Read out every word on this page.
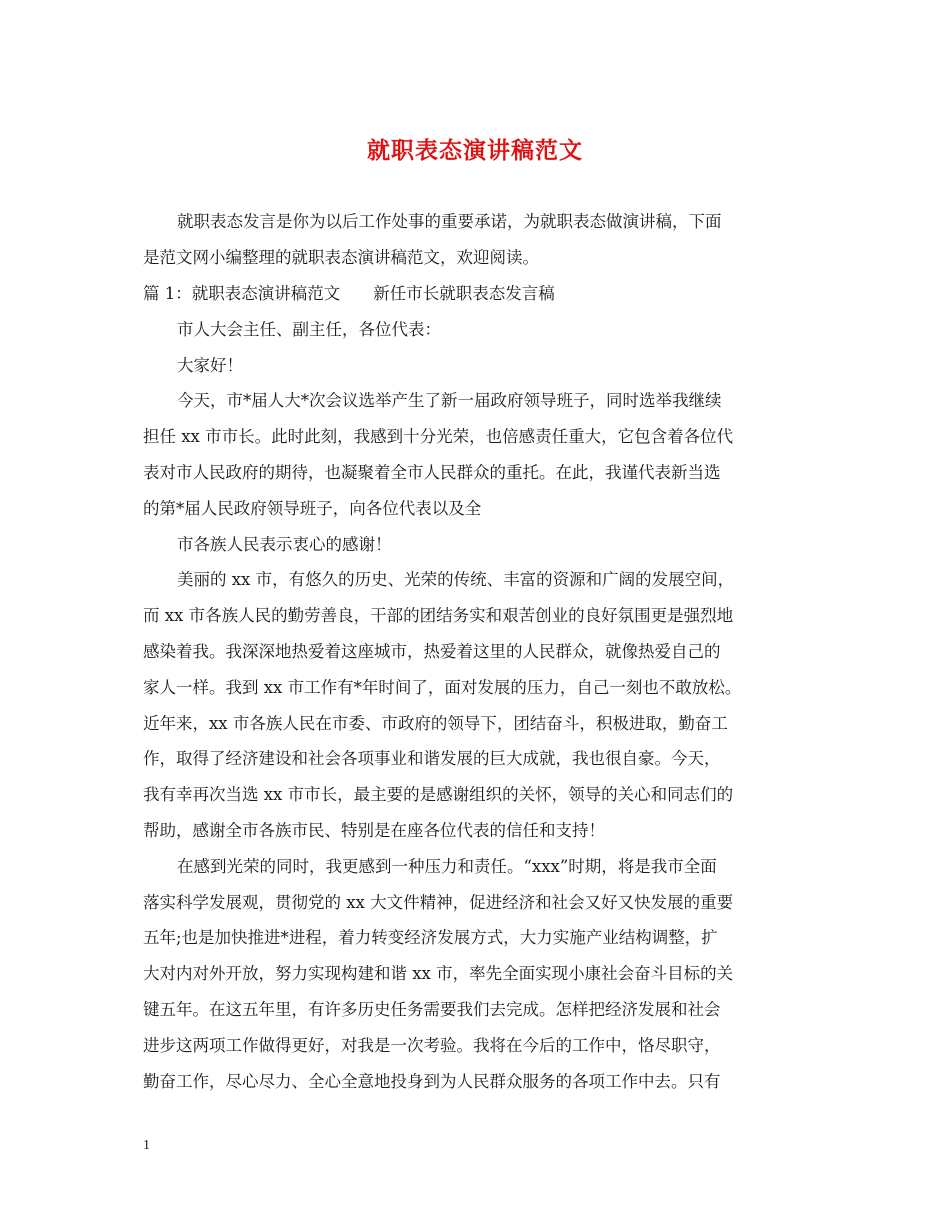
就职表态演讲稿范文
就职表态发言是你为以后工作处事的重要承诺，为就职表态做演讲稿，下面
是范文网小编整理的就职表态演讲稿范文，欢迎阅读。
篇 1：就职表态演讲稿范文　　新任市长就职表态发言稿
市人大会主任、副主任，各位代表：
大家好！
今天，市*届人大*次会议选举产生了新一届政府领导班子，同时选举我继续
担任 xx 市市长。此时此刻，我感到十分光荣，也倍感责任重大，它包含着各位代
表对市人民政府的期待，也凝聚着全市人民群众的重托。在此，我谨代表新当选
的第*届人民政府领导班子，向各位代表以及全
市各族人民表示衷心的感谢！
美丽的 xx 市，有悠久的历史、光荣的传统、丰富的资源和广阔的发展空间，
而 xx 市各族人民的勤劳善良，干部的团结务实和艰苦创业的良好氛围更是强烈地
感染着我。我深深地热爱着这座城市，热爱着这里的人民群众，就像热爱自己的
家人一样。我到 xx 市工作有*年时间了，面对发展的压力，自己一刻也不敢放松。
近年来，xx 市各族人民在市委、市政府的领导下，团结奋斗，积极进取，勤奋工
作，取得了经济建设和社会各项事业和谐发展的巨大成就，我也很自豪。今天，
我有幸再次当选 xx 市市长，最主要的是感谢组织的关怀，领导的关心和同志们的
帮助，感谢全市各族市民、特别是在座各位代表的信任和支持！
在感到光荣的同时，我更感到一种压力和责任。“xxx”时期，将是我市全面
落实科学发展观，贯彻党的 xx 大文件精神，促进经济和社会又好又快发展的重要
五年;也是加快推进*进程，着力转变经济发展方式，大力实施产业结构调整，扩
大对内对外开放，努力实现构建和谐 xx 市，率先全面实现小康社会奋斗目标的关
键五年。在这五年里，有许多历史任务需要我们去完成。怎样把经济发展和社会
进步这两项工作做得更好，对我是一次考验。我将在今后的工作中，恪尽职守，
勤奋工作，尽心尽力、全心全意地投身到为人民群众服务的各项工作中去。只有
1
